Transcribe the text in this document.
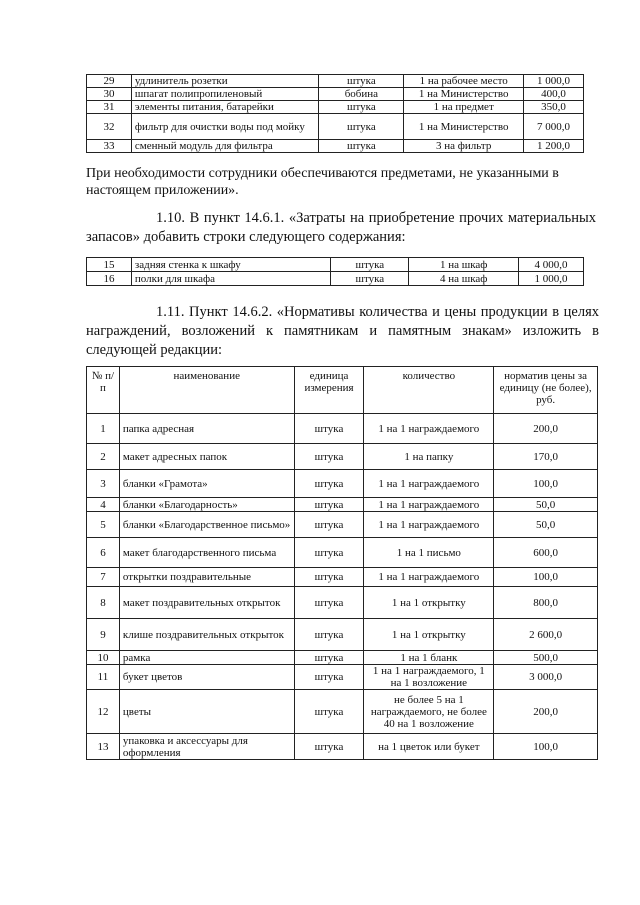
29	удлинитель розетки	штука	1 на рабочее место	1 000,0
30	шпагат полипропиленовый	бобина	1 на Министерство	400,0
31	элементы питания, батарейки	штука	1 на предмет	350,0
32	фильтр для очистки воды под мойку	штука	1 на Министерство	7 000,0
33	сменный модуль для фильтра	штука	3 на фильтр	1 200,0
При необходимости сотрудники обеспечиваются предметами, не указанными в настоящем приложении».
1.10. В пункт 14.6.1. «Затраты на приобретение прочих материальных запасов» добавить строки следующего содержания:
15	задняя стенка к шкафу	штука	1 на шкаф	4 000,0
16	полки для шкафа	штука	4 на шкаф	1 000,0
1.11. Пункт 14.6.2. «Нормативы количества и цены продукции в целях награждений, возложений к памятникам и памятным знакам» изложить в следующей редакции:
№ п/п	наименование	единица измерения	количество	норматив цены за единицу (не более), руб.
1	папка адресная	штука	1 на 1 награждаемого	200,0
2	макет адресных папок	штука	1 на папку	170,0
3	бланки «Грамота»	штука	1 на 1 награждаемого	100,0
4	бланки «Благодарность»	штука	1 на 1 награждаемого	50,0
5	бланки «Благодарственное письмо»	штука	1 на 1 награждаемого	50,0
6	макет благодарственного письма	штука	1 на 1 письмо	600,0
7	открытки поздравительные	штука	1 на 1 награждаемого	100,0
8	макет поздравительных открыток	штука	1 на 1 открытку	800,0
9	клише поздравительных открыток	штука	1 на 1 открытку	2 600,0
10	рамка	штука	1 на 1 бланк	500,0
11	букет цветов	штука	1 на 1 награждаемого, 1 на 1 возложение	3 000,0
12	цветы	штука	не более 5 на 1 награждаемого, не более 40 на 1 возложение	200,0
13	упаковка и аксессуары для оформления	штука	на 1 цветок или букет	100,0
